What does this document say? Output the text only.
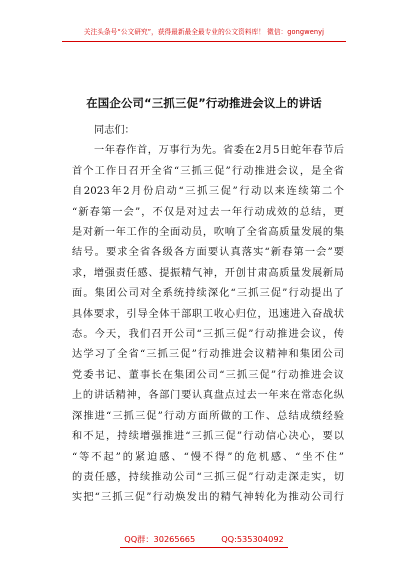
关注头条号“公文研究”，获得最新最全最专业的公文资料库！ 微信：gongwenyj
在国企公司“三抓三促”行动推进会议上的讲话

同志们：

一年春作首，万事行为先。省委在2月5日蛇年春节后
首个工作日召开全省“三抓三促”行动推进会议，是全省
自2023年2月份启动“三抓三促”行动以来连续第二个
“新春第一会”，不仅是对过去一年行动成效的总结，更
是对新一年工作的全面动员，吹响了全省高质量发展的集
结号。要求全省各级各方面要认真落实“新春第一会”要
求，增强责任感、提振精气神，开创甘肃高质量发展新局
面。集团公司对全系统持续深化“三抓三促”行动提出了
具体要求，引导全体干部职工收心归位，迅速进入奋战状
态。今天，我们召开公司“三抓三促”行动推进会议，传
达学习了全省“三抓三促”行动推进会议精神和集团公司
党委书记、董事长在集团公司“三抓三促”行动推进会议
上的讲话精神，各部门要认真盘点过去一年来在常态化纵
深推进“三抓三促”行动方面所做的工作、总结成绩经验
和不足，持续增强推进“三抓三促”行动信心决心，要以
“等不起”的紧迫感、“慢不得”的危机感、“坐不住”
的责任感，持续推动公司“三抓三促”行动走深走实，切
实把“三抓三促”行动焕发出的精气神转化为推动公司行
QQ群：30265665	QQ:535304092
